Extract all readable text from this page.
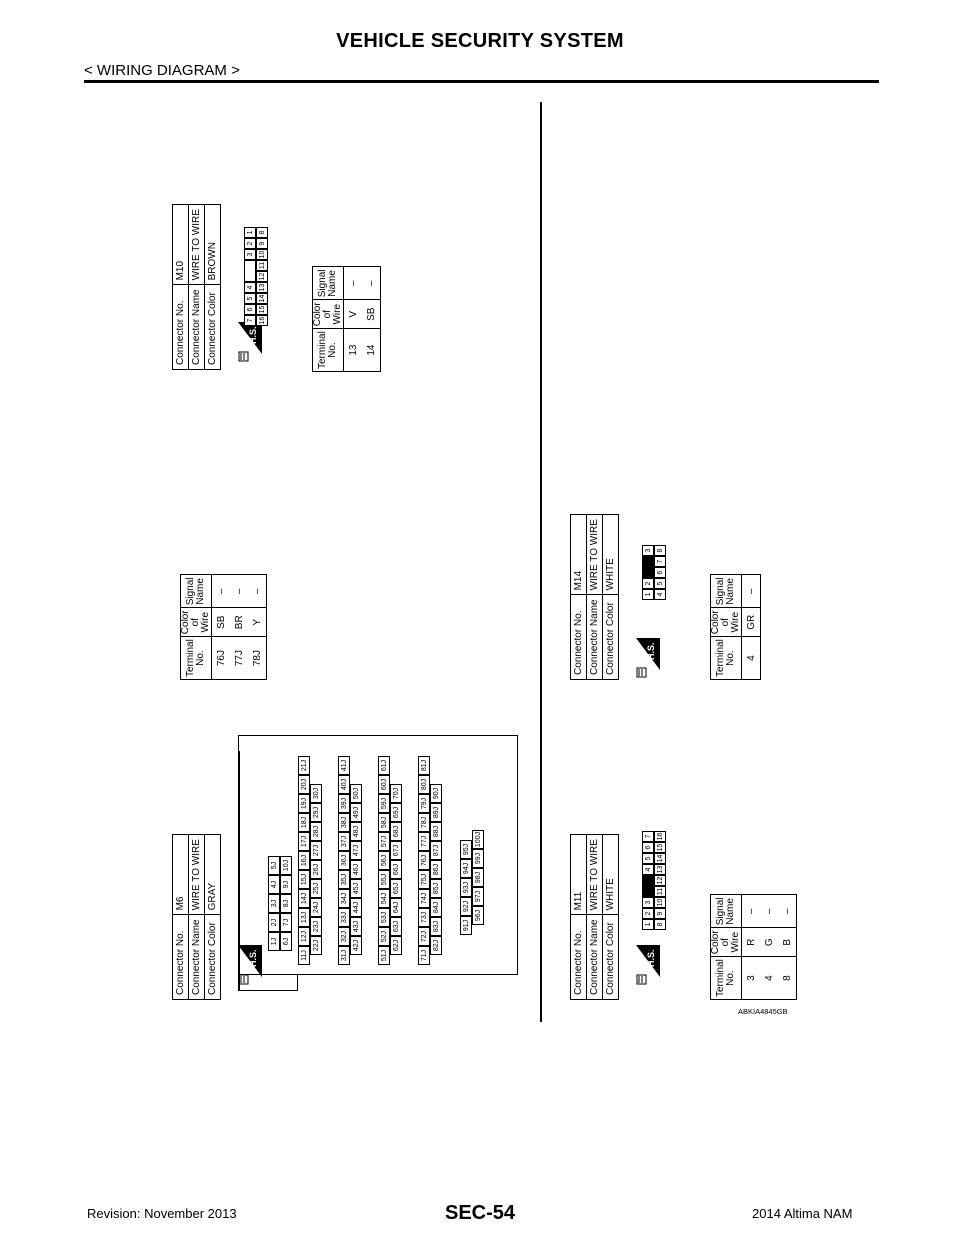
VEHICLE SECURITY SYSTEM
< WIRING DIAGRAM >
Connector No.	M6
Connector Name	WIRE TO WIRE
Connector Color	GRAY
Terminal No.	Color of Wire	Signal Name
76J	SB	–
77J	BR	–
78J	Y	–
H.S.
1J
2J
3J
4J
5J
6J
7J
8J
9J
10J
11J
12J
13J
14J
15J
16J
17J
18J
19J
20J
21J
22J
23J
24J
25J
26J
27J
28J
29J
30J
31J
32J
33J
34J
35J
36J
37J
38J
39J
40J
41J
42J
43J
44J
45J
46J
47J
48J
49J
50J
51J
52J
53J
54J
55J
56J
57J
58J
59J
60J
61J
62J
63J
64J
65J
66J
67J
68J
69J
70J
71J
72J
73J
74J
75J
76J
77J
78J
79J
80J
81J
82J
83J
84J
85J
86J
87J
88J
89J
90J
91J
92J
93J
94J
95J
96J
97J
98J
99J
100J
Connector No.	M10
Connector Name	WIRE TO WIRE
Connector Color	BROWN
H.S.
7
6
5
4
3
2
1
16
15
14
13
12
11
10
9
8
Terminal No.	Color of Wire	Signal Name
13	V	–
14	SB	–
Connector No.	M11
Connector Name	WIRE TO WIRE
Connector Color	WHITE
H.S.
1
2
3
4
5
6
7
8
9
10
11
12
13
14
15
16
Terminal No.	Color of Wire	Signal Name
3	R	–
4	G	–
8	B	–
Connector No.	M14
Connector Name	WIRE TO WIRE
Connector Color	WHITE
H.S.
1
2
3
4
5
6
7
8
Terminal No.	Color of Wire	Signal Name
4	GR	–
ABKIA4845GB
Revision: November 2013	SEC-54	2014 Altima NAM
